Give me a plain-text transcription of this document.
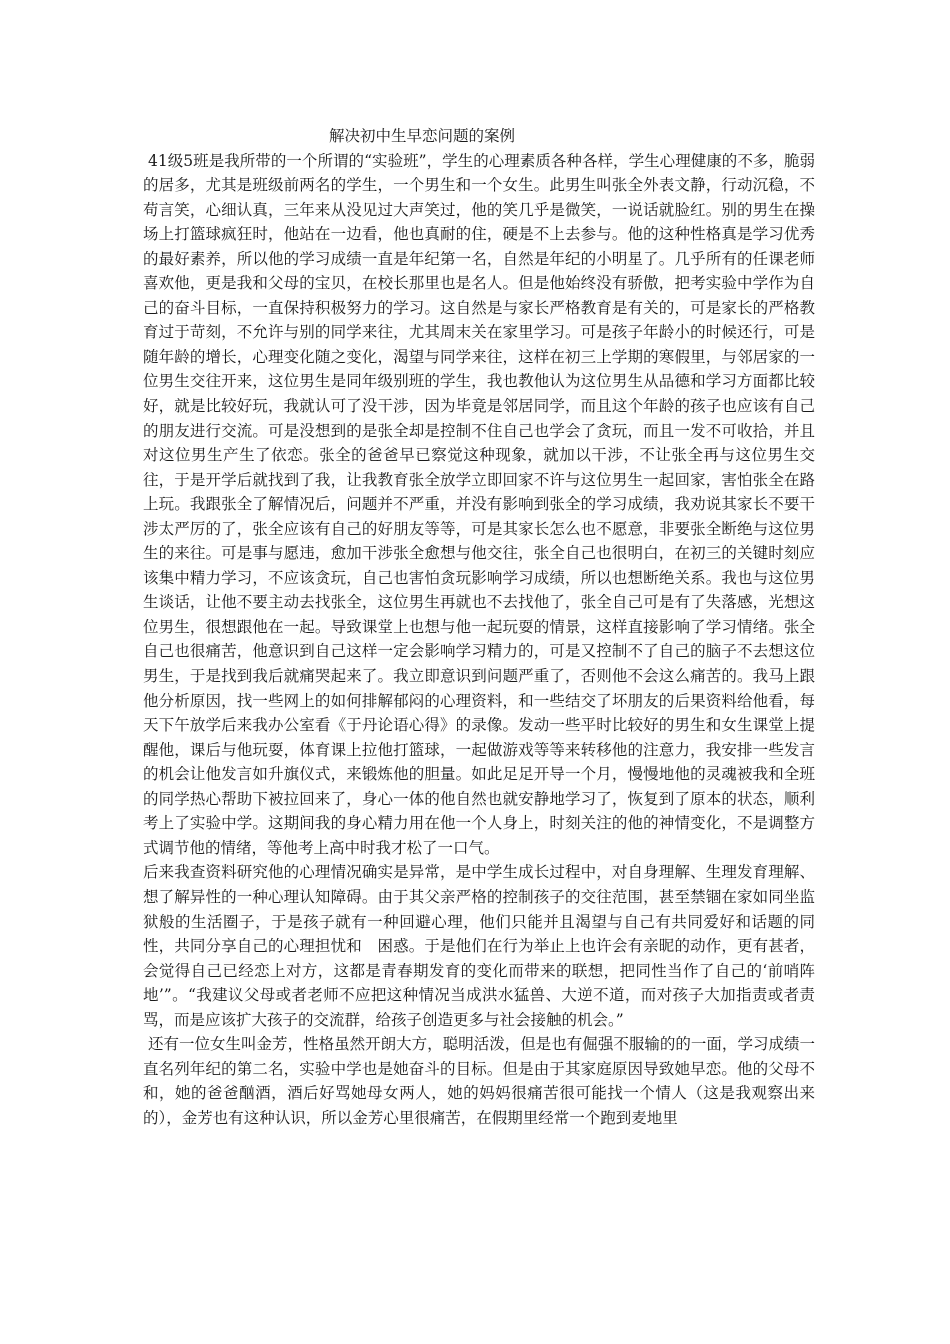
解决初中生早恋问题的案例

41级5班是我所带的一个所谓的“实验班”，学生的心理素质各种各样，学生心理健康的不多，脆弱的居多，尤其是班级前两名的学生，一个男生和一个女生。此男生叫张全外表文静，行动沉稳，不苟言笑，心细认真，三年来从没见过大声笑过，他的笑几乎是微笑，一说话就脸红。别的男生在操场上打篮球疯狂时，他站在一边看，他也真耐的住，硬是不上去参与。他的这种性格真是学习优秀的最好素养，所以他的学习成绩一直是年纪第一名，自然是年纪的小明星了。几乎所有的任课老师喜欢他，更是我和父母的宝贝，在校长那里也是名人。但是他始终没有骄傲，把考实验中学作为自己的奋斗目标，一直保持积极努力的学习。这自然是与家长严格教育是有关的，可是家长的严格教育过于苛刻，不允许与别的同学来往，尤其周末关在家里学习。可是孩子年龄小的时候还行，可是随年龄的增长，心理变化随之变化，渴望与同学来往，这样在初三上学期的寒假里，与邻居家的一位男生交往开来，这位男生是同年级别班的学生，我也教他认为这位男生从品德和学习方面都比较好，就是比较好玩，我就认可了没干涉，因为毕竟是邻居同学，而且这个年龄的孩子也应该有自己的朋友进行交流。可是没想到的是张全却是控制不住自己也学会了贪玩，而且一发不可收拾，并且对这位男生产生了依恋。张全的爸爸早已察觉这种现象，就加以干涉，不让张全再与这位男生交往，于是开学后就找到了我，让我教育张全放学立即回家不许与这位男生一起回家，害怕张全在路上玩。我跟张全了解情况后，问题并不严重，并没有影响到张全的学习成绩，我劝说其家长不要干涉太严厉的了，张全应该有自己的好朋友等等，可是其家长怎么也不愿意，非要张全断绝与这位男生的来往。可是事与愿违，愈加干涉张全愈想与他交往，张全自己也很明白，在初三的关键时刻应该集中精力学习，不应该贪玩，自己也害怕贪玩影响学习成绩，所以也想断绝关系。我也与这位男生谈话，让他不要主动去找张全，这位男生再就也不去找他了，张全自己可是有了失落感，光想这位男生，很想跟他在一起。导致课堂上也想与他一起玩耍的情景，这样直接影响了学习情绪。张全自己也很痛苦，他意识到自己这样一定会影响学习精力的，可是又控制不了自己的脑子不去想这位男生，于是找到我后就痛哭起来了。我立即意识到问题严重了，否则他不会这么痛苦的。我马上跟他分析原因，找一些网上的如何排解郁闷的心理资料，和一些结交了坏朋友的后果资料给他看，每天下午放学后来我办公室看《于丹论语心得》的录像。发动一些平时比较好的男生和女生课堂上提醒他，课后与他玩耍，体育课上拉他打篮球，一起做游戏等等来转移他的注意力，我安排一些发言的机会让他发言如升旗仪式，来锻炼他的胆量。如此足足开导一个月，慢慢地他的灵魂被我和全班的同学热心帮助下被拉回来了，身心一体的他自然也就安静地学习了，恢复到了原本的状态，顺利考上了实验中学。这期间我的身心精力用在他一个人身上，时刻关注的他的神情变化，不是调整方式调节他的情绪，等他考上高中时我才松了一口气。

后来我查资料研究他的心理情况确实是异常，是中学生成长过程中，对自身理解、生理发育理解、想了解异性的一种心理认知障碍。由于其父亲严格的控制孩子的交往范围，甚至禁锢在家如同坐监狱般的生活圈子，于是孩子就有一种回避心理，他们只能并且渴望与自己有共同爱好和话题的同性，共同分享自己的心理担忧和　困惑。于是他们在行为举止上也许会有亲昵的动作，更有甚者，会觉得自己已经恋上对方，这都是青春期发育的变化而带来的联想，把同性当作了自己的‘前哨阵地’”。“我建议父母或者老师不应把这种情况当成洪水猛兽、大逆不道，而对孩子大加指责或者责骂，而是应该扩大孩子的交流群，给孩子创造更多与社会接触的机会。”

还有一位女生叫金芳，性格虽然开朗大方，聪明活泼，但是也有倔强不服输的的一面，学习成绩一直名列年纪的第二名，实验中学也是她奋斗的目标。但是由于其家庭原因导致她早恋。他的父母不和，她的爸爸酗酒，酒后好骂她母女两人，她的妈妈很痛苦很可能找一个情人（这是我观察出来的），金芳也有这种认识，所以金芳心里很痛苦，在假期里经常一个跑到麦地里
